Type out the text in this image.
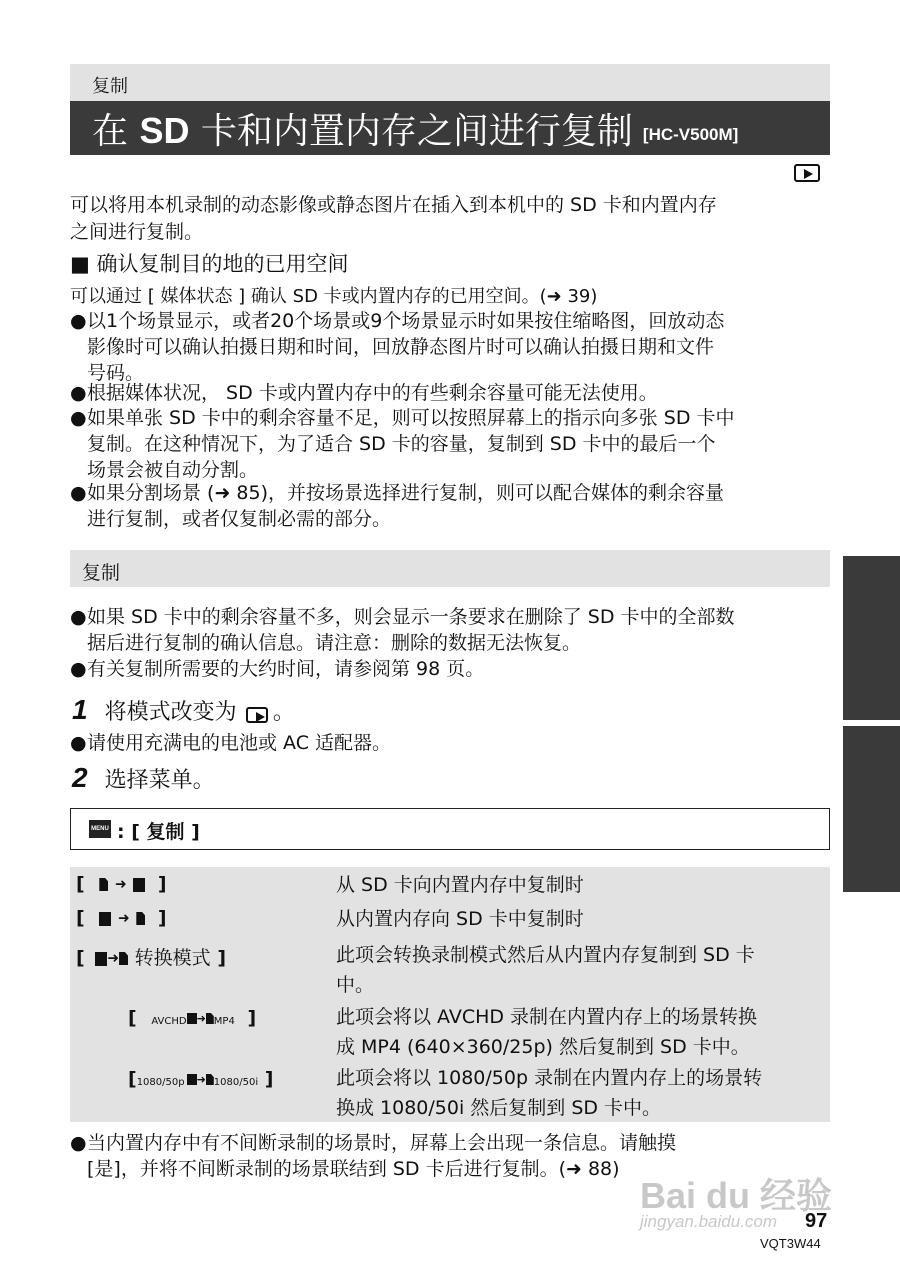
复制
在 SD 卡和内置内存之间进行复制 [HC-V500M]
可以将用本机录制的动态影像或静态图片在插入到本机中的 SD 卡和内置内存
之间进行复制。
■ 确认复制目的地的已用空间
可以通过 [ 媒体状态 ] 确认 SD 卡或内置内存的已用空间。(➜ 39)
● 以1个场景显示，或者20个场景或9个场景显示时如果按住缩略图，回放动态
影像时可以确认拍摄日期和时间，回放静态图片时可以确认拍摄日期和文件
号码。
● 根据媒体状况， SD 卡或内置内存中的有些剩余容量可能无法使用。
● 如果单张 SD 卡中的剩余容量不足，则可以按照屏幕上的指示向多张 SD 卡中
复制。在这种情况下，为了适合 SD 卡的容量，复制到 SD 卡中的最后一个
场景会被自动分割。
● 如果分割场景 (➜ 85)，并按场景选择进行复制，则可以配合媒体的剩余容量
进行复制，或者仅复制必需的部分。
复制
● 如果 SD 卡中的剩余容量不多，则会显示一条要求在删除了 SD 卡中的全部数
据后进行复制的确认信息。请注意：删除的数据无法恢复。
● 有关复制所需要的大约时间，请参阅第 98 页。
1 将模式改变为 。
● 请使用充满电的电池或 AC 适配器。
2 选择菜单。
MENU : [ 复制 ]
[ ➜ ]	从 SD 卡向内置内存中复制时
[ ➜ ]	从内置内存向 SD 卡中复制时
[ ➜ 转换模式 ]	此项会转换录制模式然后从内置内存复制到 SD 卡
中。
[ AVCHD ➜ MP4 ]	此项会将以 AVCHD 录制在内置内存上的场景转换
成 MP4 (640×360/25p) 然后复制到 SD 卡中。
[1080/50p ➜ 1080/50i ]	此项会将以 1080/50p 录制在内置内存上的场景转
换成 1080/50i 然后复制到 SD 卡中。
● 当内置内存中有不间断录制的场景时，屏幕上会出现一条信息。请触摸
[是]，并将不间断录制的场景联结到 SD 卡后进行复制。(➜ 88)
Bai du 经验
jingyan.baidu.com 97
VQT3W44
